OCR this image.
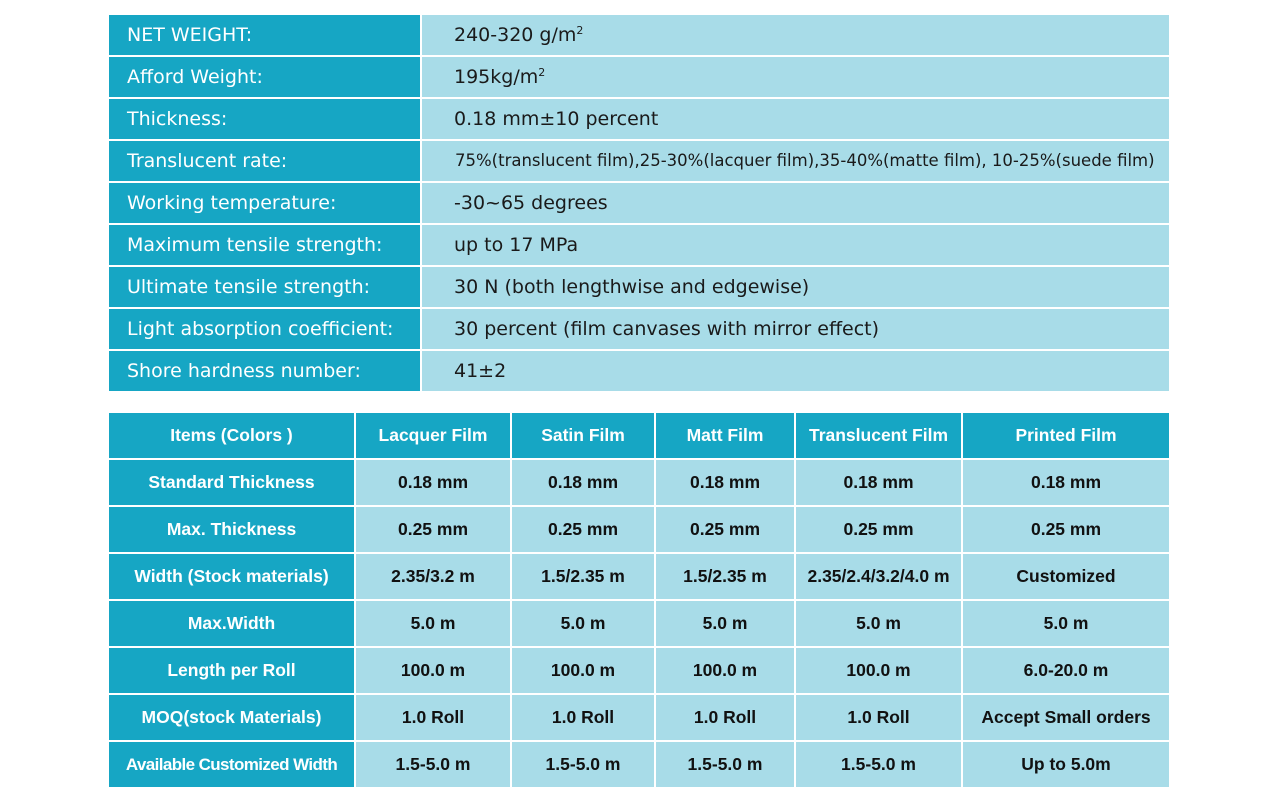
NET WEIGHT:	240-320 $g/m^2$
Afford Weight:	$195kg/m^2$
Thickness:	0.18 mm±10 percent
Translucent rate:	75%(translucent film),25-30%(lacquer film),35-40%(matte film), 10-25%(suede film)
Working temperature:	-30~65 degrees
Maximum tensile strength:	up to 17 MPa
Ultimate tensile strength:	30 N (both lengthwise and edgewise)
Light absorption coefficient:	30 percent (film canvases with mirror effect)
Shore hardness number:	41±2
Items (Colors )	Lacquer Film	Satin Film	Matt Film	Translucent Film	Printed Film
Standard Thickness	0.18 mm	0.18 mm	0.18 mm	0.18 mm	0.18 mm
Max. Thickness	0.25 mm	0.25 mm	0.25 mm	0.25 mm	0.25 mm
Width (Stock materials)	2.35/3.2 m	1.5/2.35 m	1.5/2.35 m	2.35/2.4/3.2/4.0 m	Customized
Max.Width	5.0 m	5.0 m	5.0 m	5.0 m	5.0 m
Length per Roll	100.0 m	100.0 m	100.0 m	100.0 m	6.0-20.0 m
MOQ(stock Materials)	1.0 Roll	1.0 Roll	1.0 Roll	1.0 Roll	Accept Small orders
Available Customized Width	1.5-5.0 m	1.5-5.0 m	1.5-5.0 m	1.5-5.0 m	Up to 5.0m
